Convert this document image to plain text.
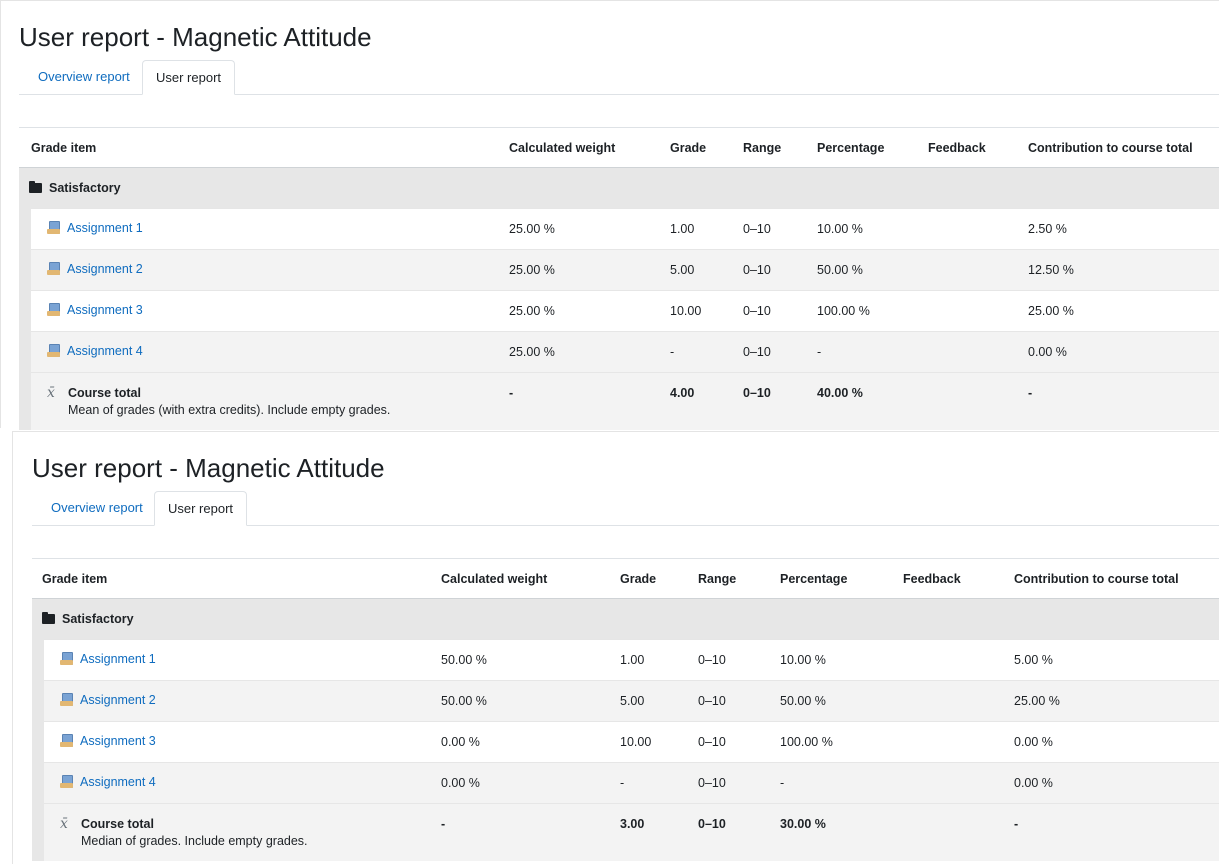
User report - Magnetic Attitude
Overview report	User report
Grade item		Calculated weight	Grade	Range	Percentage	Feedback	Contribution to course total

Satisfactory							

	Assignment 1	25.00 %	1.00	0–10	10.00 %		2.50 %

	Assignment 2	25.00 %	5.00	0–10	50.00 %		12.50 %

	Assignment 3	25.00 %	10.00	0–10	100.00 %		25.00 %

	Assignment 4	25.00 %	-	0–10	-		0.00 %

	x̄ Course total
Mean of grades (with extra credits). Include empty grades.	-	4.00	0–10	40.00 %		-
User report - Magnetic Attitude
Overview report	User report
Grade item		Calculated weight	Grade	Range	Percentage	Feedback	Contribution to course total

Satisfactory							

	Assignment 1	50.00 %	1.00	0–10	10.00 %		5.00 %

	Assignment 2	50.00 %	5.00	0–10	50.00 %		25.00 %

	Assignment 3	0.00 %	10.00	0–10	100.00 %		0.00 %

	Assignment 4	0.00 %	-	0–10	-		0.00 %

	x̄ Course total
Median of grades. Include empty grades.	-	3.00	0–10	30.00 %		-
